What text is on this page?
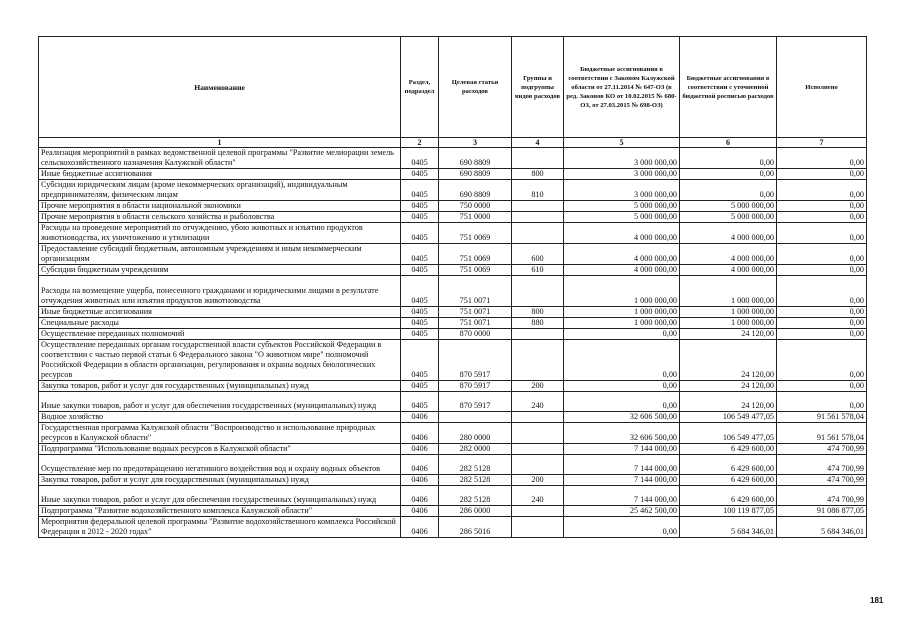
Наименование	Раздел, подраздел	Целевая статья расходов	Группы и подгруппы видов расходов	Бюджетные ассигнования в соответствии с Законом Калужской области от 27.11.2014 № 647-ОЗ (в ред. Законов КО от 10.02.2015 № 680-ОЗ, от 27.03.2015 № 698-ОЗ)	Бюджетные ассигнования в соответствии с уточненной бюджетной росписью расходов	Исполнено
1	2	3	4	5	6	7
Реализация мероприятий в рамках ведомственной целевой программы "Развитие мелиорации земель сельскохозяйственного назначения Калужской области"	0405	690 8809		3 000 000,00	0,00	0,00
Иные бюджетные ассигнования	0405	690 8809	800	3 000 000,00	0,00	0,00
Субсидии юридическим лицам (кроме некоммерческих организаций), индивидуальным предпринимателям, физическим лицам	0405	690 8809	810	3 000 000,00	0,00	0,00
Прочие мероприятия в области национальной экономики	0405	750 0000		5 000 000,00	5 000 000,00	0,00
Прочие мероприятия в области сельского хозяйства и рыболовства	0405	751 0000		5 000 000,00	5 000 000,00	0,00
Расходы на проведение мероприятий по отчуждению, убою животных и изъятию продуктов животноводства, их уничтожению и утилизации	0405	751 0069		4 000 000,00	4 000 000,00	0,00
Предоставление субсидий бюджетным, автономным учреждениям и иным некоммерческим организациям	0405	751 0069	600	4 000 000,00	4 000 000,00	0,00
Субсидии бюджетным учреждениям	0405	751 0069	610	4 000 000,00	4 000 000,00	0,00
Расходы на возмещение ущерба, понесенного гражданами и юридическими лицами в результате отчуждения животных или изъятия продуктов животноводства	0405	751 0071		1 000 000,00	1 000 000,00	0,00
Иные бюджетные ассигнования	0405	751 0071	800	1 000 000,00	1 000 000,00	0,00
Специальные расходы	0405	751 0071	880	1 000 000,00	1 000 000,00	0,00
Осуществление переданных полномочий	0405	870 0000		0,00	24 120,00	0,00
Осуществление переданных органам государственной власти субъектов Российской Федерации в соответствии с частью первой статьи 6 Федерального закона "О животном мире" полномочий Российской Федерации в области организации, регулирования и охраны водных биологических ресурсов	0405	870 5917		0,00	24 120,00	0,00
Закупка товаров, работ и услуг для государственных (муниципальных) нужд	0405	870 5917	200	0,00	24 120,00	0,00
Иные закупки товаров, работ и услуг для обеспечения государственных (муниципальных) нужд	0405	870 5917	240	0,00	24 120,00	0,00
Водное хозяйство	0406			32 606 500,00	106 549 477,05	91 561 578,04
Государственная программа Калужской области "Воспроизводство и использование природных ресурсов в Калужской области"	0406	280 0000		32 606 500,00	106 549 477,05	91 561 578,04
Подпрограмма "Использование водных ресурсов в Калужской области"	0406	282 0000		7 144 000,00	6 429 600,00	474 700,99
Осуществление мер по предотвращению негативного воздействия вод и охрану водных объектов	0406	282 5128		7 144 000,00	6 429 600,00	474 700,99
Закупка товаров, работ и услуг для государственных (муниципальных) нужд	0406	282 5128	200	7 144 000,00	6 429 600,00	474 700,99
Иные закупки товаров, работ и услуг для обеспечения государственных (муниципальных) нужд	0406	282 5128	240	7 144 000,00	6 429 600,00	474 700,99
Подпрограмма "Развитие водохозяйственного комплекса Калужской области"	0406	286 0000		25 462 500,00	100 119 877,05	91 086 877,05
Мероприятия федеральной целевой программы "Развитие водохозяйственного комплекса Российской Федерации в 2012 - 2020 годах"	0406	286 5016		0,00	5 684 346,01	5 684 346,01
181
